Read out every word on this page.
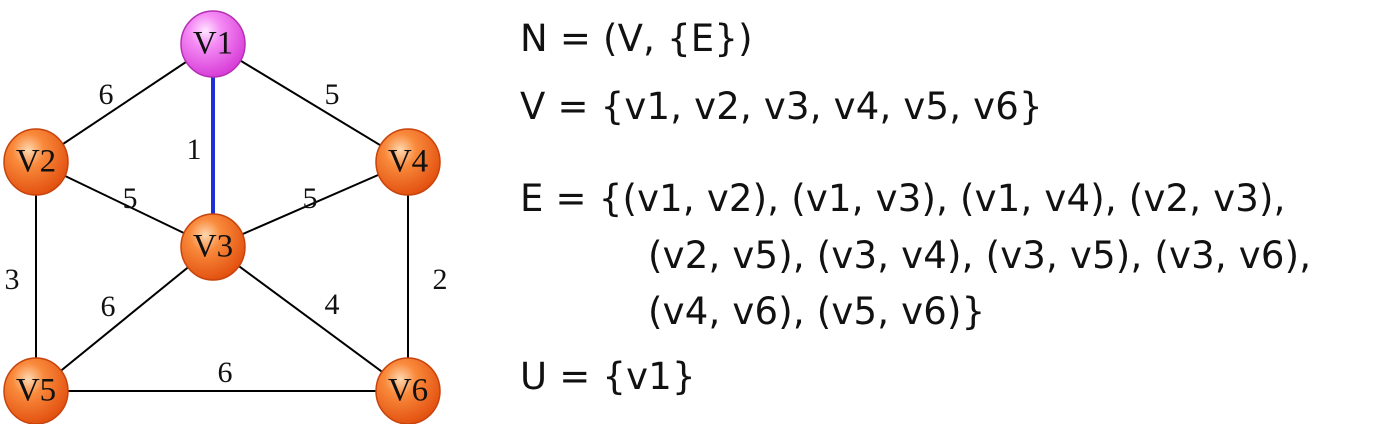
6
1
5
5
3
5
6	4
2
6
V1
V2
V3
V4
V5	V6
N = (V, {E})
V = {v1, v2, v3, v4, v5, v6}
E = {(v1, v2), (v1, v3), (v1, v4), (v2, v3),
(v2, v5), (v3, v4), (v3, v5), (v3, v6),
(v4, v6), (v5, v6)}
U = {v1}
